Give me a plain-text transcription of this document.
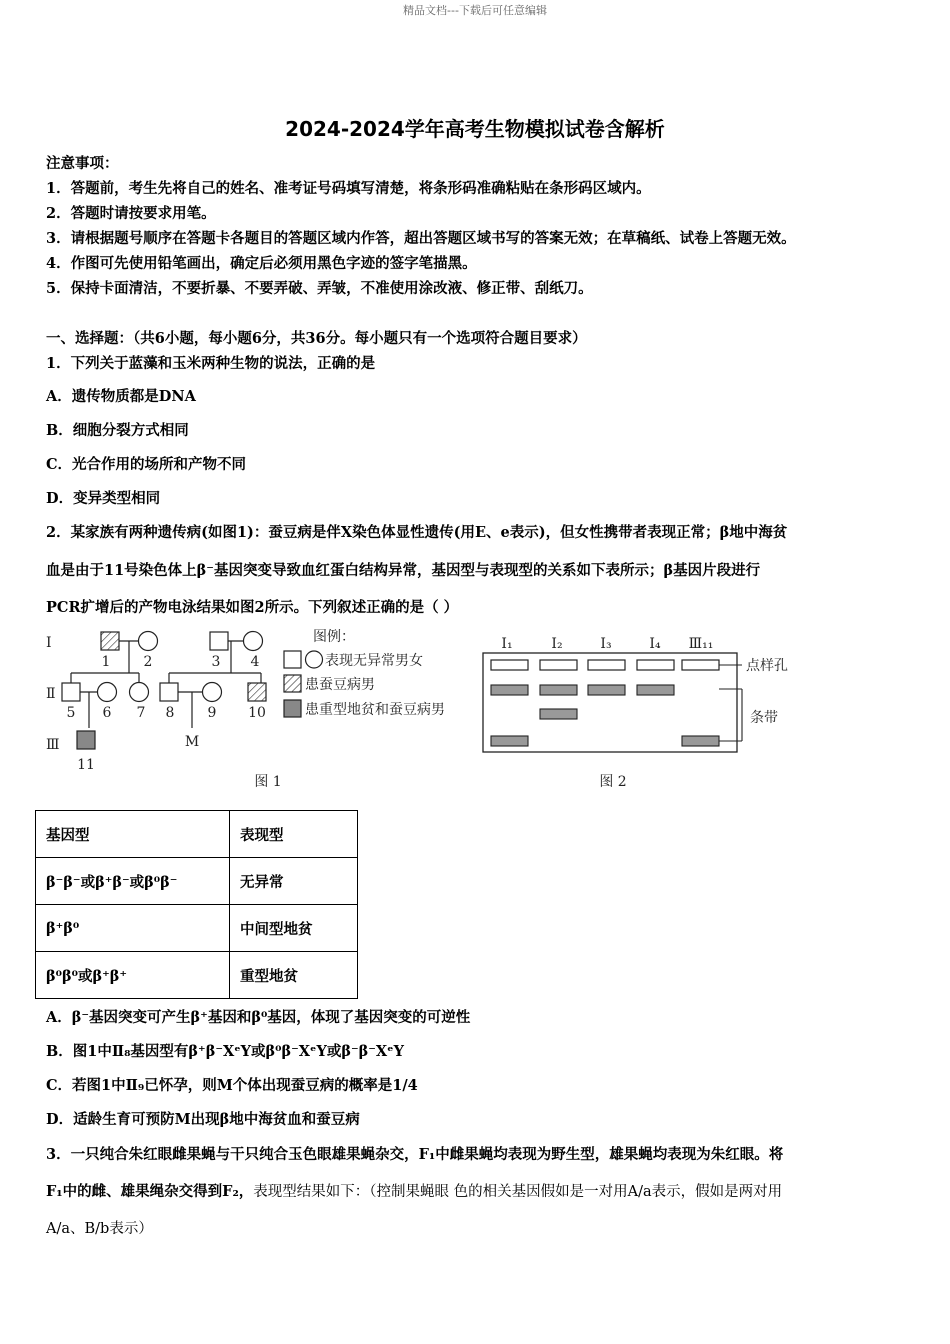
精品文档---下载后可任意编辑
2024-2024学年高考生物模拟试卷含解析
注意事项：
1．答题前，考生先将自己的姓名、准考证号码填写清楚，将条形码准确粘贴在条形码区域内。
2．答题时请按要求用笔。
3．请根据题号顺序在答题卡各题目的答题区域内作答，超出答题区域书写的答案无效；在草稿纸、试卷上答题无效。
4．作图可先使用铅笔画出，确定后必须用黑色字迹的签字笔描黑。
5．保持卡面清洁，不要折暴、不要弄破、弄皱，不准使用涂改液、修正带、刮纸刀。
一、选择题：（共6小题，每小题6分，共36分。每小题只有一个选项符合题目要求）
1．下列关于蓝藻和玉米两种生物的说法，正确的是
A．遗传物质都是DNA
B．细胞分裂方式相同
C．光合作用的场所和产物不同
D．变异类型相同
2．某家族有两种遗传病(如图1)：蚕豆病是伴X染色体显性遗传(用E、e表示)，但女性携带者表现正常；β地中海贫
血是由于11号染色体上β⁻基因突变导致血红蛋白结构异常，基因型与表现型的关系如下表所示；β基因片段进行
PCR扩增后的产物电泳结果如图2所示。下列叙述正确的是（ ）
Ⅰ
Ⅱ
Ⅲ
1 2	3 4
5 6 7 8 9 10
11
M
图 1
图例：
表现无异常男女
患蚕豆病男
患重型地贫和蚕豆病男
I₁	I₂	I₃	I₄ Ⅲ₁₁
点样孔
条带
图 2
基因型	表现型
β⁻β⁻或β⁺β⁻或β⁰β⁻	无异常
β⁺β⁰	中间型地贫
β⁰β⁰或β⁺β⁺	重型地贫
A．β⁻基因突变可产生β⁺基因和β⁰基因，体现了基因突变的可逆性
B．图1中Ⅱ₈基因型有β⁺β⁻XᵉY或β⁰β⁻XᵉY或β⁻β⁻XᵉY
C．若图1中Ⅱ₉已怀孕，则M个体出现蚕豆病的概率是1/4
D．适龄生育可预防M出现β地中海贫血和蚕豆病
3．一只纯合朱红眼雌果蝇与干只纯合玉色眼雄果蝇杂交，F₁中雌果蝇均表现为野生型，雄果蝇均表现为朱红眼。将
F₁中的雌、雄果绳杂交得到F₂，表现型结果如下：（控制果蝇眼 色的相关基因假如是一对用A/a表示，假如是两对用
A/a、B/b表示）
